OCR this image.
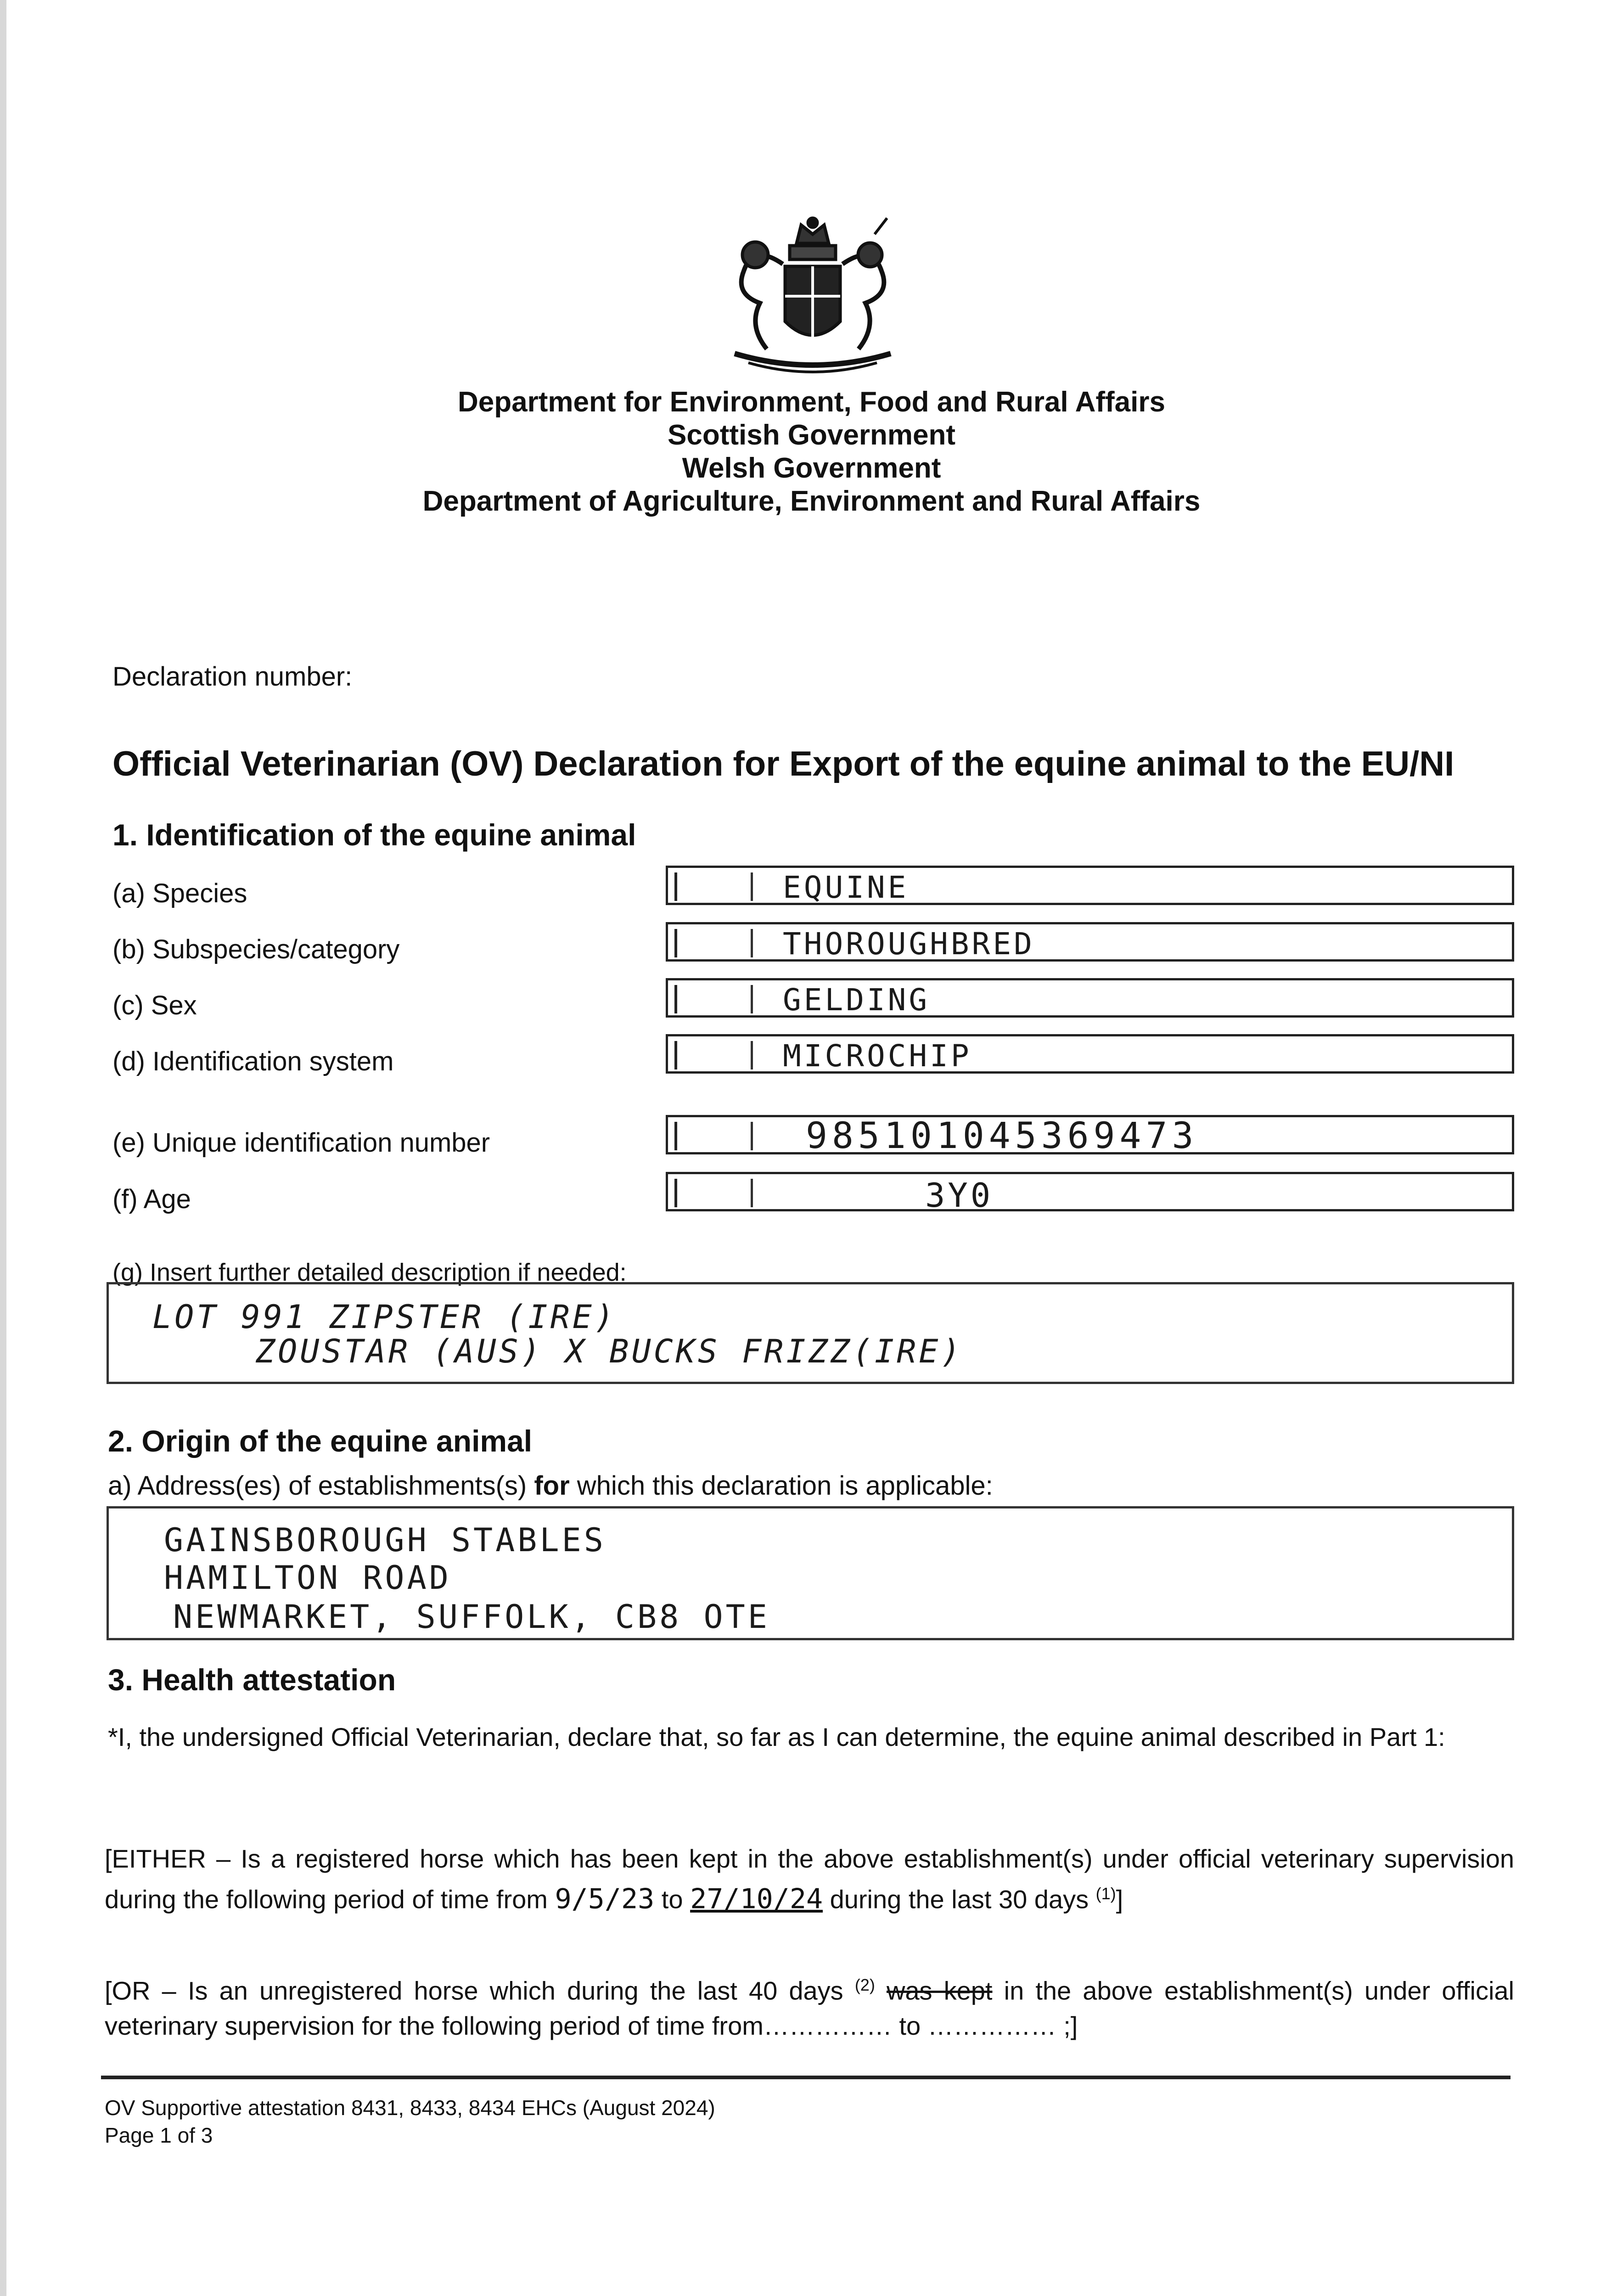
Department for Environment, Food and Rural Affairs
Scottish Government
Welsh Government
Department of Agriculture, Environment and Rural Affairs
Declaration number:
Official Veterinarian (OV) Declaration for Export of the equine animal to the EU/NI
1. Identification of the equine animal
(a) Species	EQUINE
(b) Subspecies/category	THOROUGHBRED
(c) Sex	GELDING
(d) Identification system	MICROCHIP
(e) Unique identification number	985101045369473
(f) Age	3Y0
(g) Insert further detailed description if needed:
LOT 991 ZIPSTER (IRE)
ZOUSTAR (AUS) X BUCKS FRIZZ(IRE)
2. Origin of the equine animal
a) Address(es) of establishments(s) for which this declaration is applicable:
GAINSBOROUGH STABLES
HAMILTON ROAD
NEWMARKET, SUFFOLK, CB8 OTE
3. Health attestation
*I, the undersigned Official Veterinarian, declare that, so far as I can determine, the equine animal described in Part 1:
[EITHER – Is a registered horse which has been kept in the above establishment(s) under official veterinary supervision during the following period of time from 9/5/23 to 27/10/24 during the last 30 days $^{(1)}$]
[OR – Is an unregistered horse which during the last 40 days $^{(2)}$ was kept in the above establishment(s) under official veterinary supervision for the following period of time from…………… to …………… ;]
OV Supportive attestation 8431, 8433, 8434 EHCs (August 2024)
Page 1 of 3
